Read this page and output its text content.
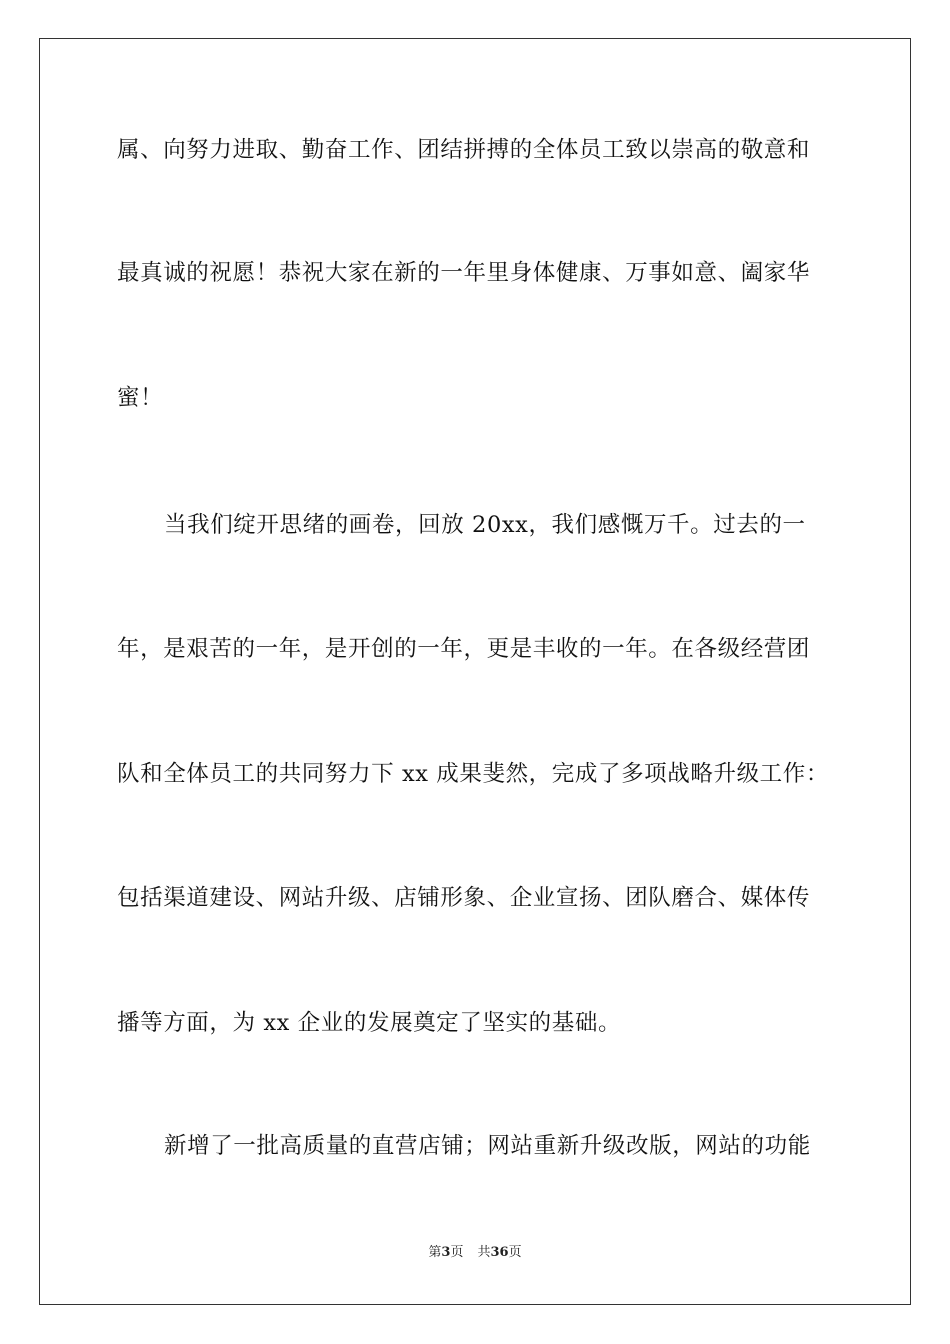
属、向努力进取、勤奋工作、团结拼搏的全体员工致以崇高的敬意和
最真诚的祝愿！恭祝大家在新的一年里身体健康、万事如意、阖家华
蜜！
当我们绽开思绪的画卷，回放 20xx，我们感慨万千。过去的一
年，是艰苦的一年，是开创的一年，更是丰收的一年。在各级经营团
队和全体员工的共同努力下 xx 成果斐然，完成了多项战略升级工作：
包括渠道建设、网站升级、店铺形象、企业宣扬、团队磨合、媒体传
播等方面，为 xx 企业的发展奠定了坚实的基础。
新增了一批高质量的直营店铺；网站重新升级改版，网站的功能
第3页 共36页
